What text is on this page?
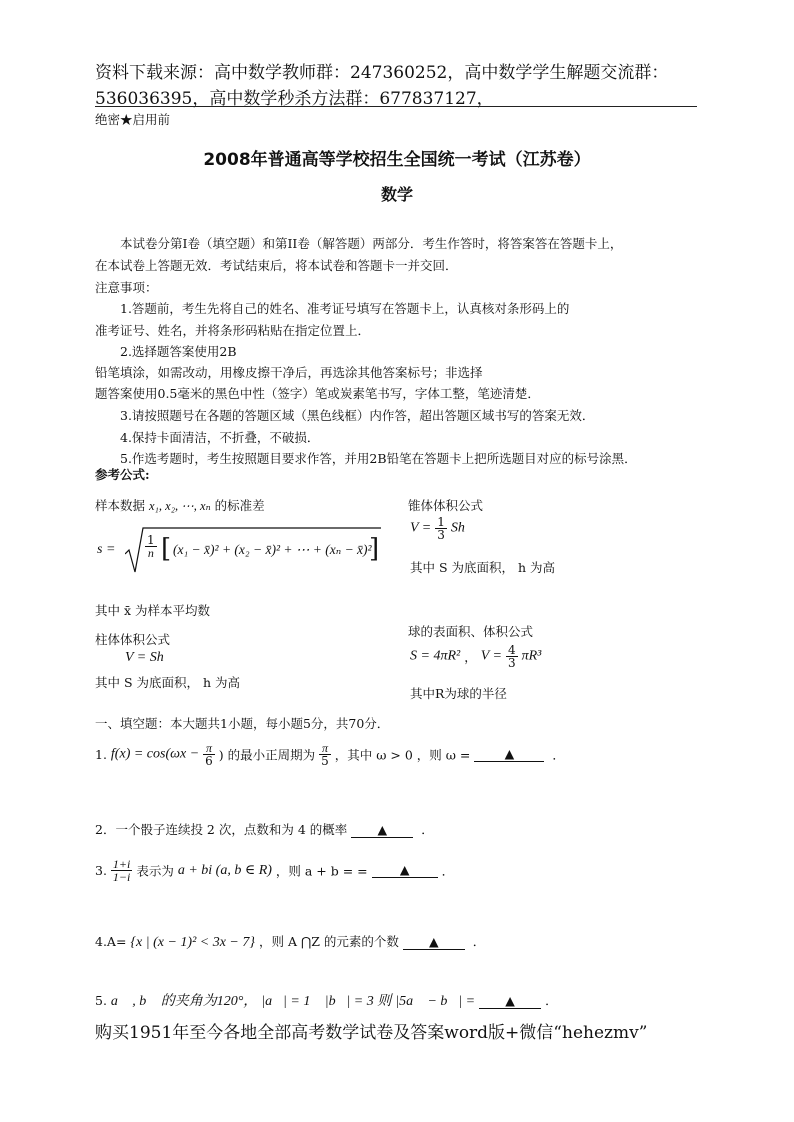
资料下载来源：高中数学教师群：247360252，高中数学学生解题交流群：
536036395，高中数学秒杀方法群：677837127，
绝密★启用前
2008年普通高等学校招生全国统一考试（江苏卷）
数学
本试卷分第I卷（填空题）和第II卷（解答题）两部分．考生作答时，将答案答在答题卡上，
在本试卷上答题无效．考试结束后，将本试卷和答题卡一并交回．
注意事项：
1.答题前，考生先将自己的姓名、准考证号填写在答题卡上，认真核对条形码上的
准考证号、姓名，并将条形码粘贴在指定位置上．
2.选择题答案使用2B
铅笔填涂，如需改动，用橡皮擦干净后，再选涂其他答案标号；非选择
题答案使用0.5毫米的黑色中性（签字）笔或炭素笔书写，字体工整，笔迹清楚．
3.请按照题号在各题的答题区域（黑色线框）内作答，超出答题区域书写的答案无效．
4.保持卡面清洁，不折叠，不破损．
5.作选考题时，考生按照题目要求作答，并用2B铅笔在答题卡上把所选题目对应的标号涂黑．
参考公式:
样本数据 x₁, x₂, ⋯, xₙ 的标准差
$s = \frac{1}{n}$ [ (x₁ − x̄)² + (x₂ − x̄)² + ⋯ + (xₙ − x̄)²
]
其中 x̄ 为样本平均数
锥体体积公式
$V = \frac{1}{3}$ Sh
其中 S 为底面积， h 为高
柱体体积公式
V = Sh
其中 S 为底面积， h 为高
球的表面积、体积公式
S = 4πR² ， $V = \frac{4}{3} \pi R^3$
其中R为球的半径
一、填空题：本大题共1小题，每小题5分，共70分．
1. $f(x) = \cos(\omega x - \frac{\pi}{6}$ ) 的最小正周期为 $\frac{\pi}{5}$ ，其中 ω > 0 ，则 ω =	▲	．
2．一个骰子连续投 2 次，点数和为 4 的概率 ▲  ．
3. $\frac{1+i}{1-i}$ 表示为 a + bi (a, b ∈ R) ，则 a + b = =	▲	．
4.A= {x | (x − 1)² < 3x − 7} ，则 A ⋂Z 的元素的个数 ▲  ．
5. a⃗ , b⃗ 的夹角为120°， |a⃗| = 1， |b⃗| = 3 则 |5a⃗ − b⃗| = ▲ ．
购买1951年至今各地全部高考数学试卷及答案word版+微信“hehezmv”
